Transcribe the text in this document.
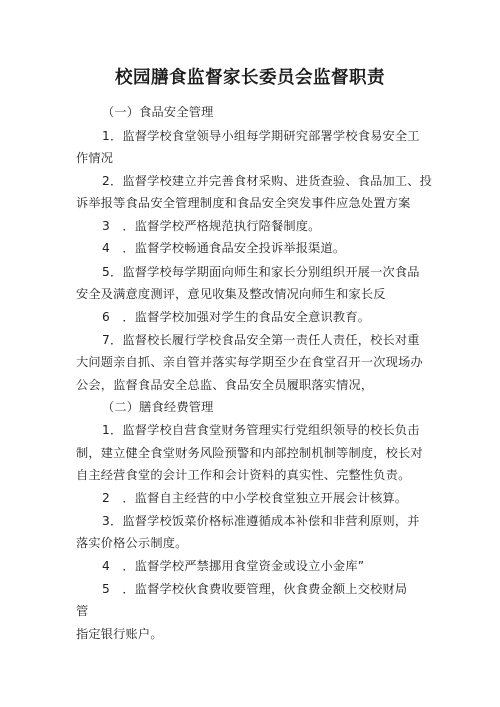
校园膳食监督家长委员会监督职责
（一）食品安全管理
1．监督学校食堂领导小组每学期研究部署学校食易安全工
作情况
2．监督学校建立并完善食材采购、进货查验、食品加工、投
诉举报等食品安全管理制度和食品安全突发事件应急处置方案
3　．监督学校严格规范执行陪餐制度。
4　．监督学校畅通食品安全投诉举报渠道。
5．监督学校每学期面向师生和家长分别组织开展一次食品
安全及满意度测评，意见收集及整改情况向师生和家长反
6　．监督学校加强对学生的食品安全意识教育。
7．监督校长履行学校食品安全第一责任人责任，校长对重
大问题亲自抓、亲自管并落实每学期至少在食堂召开一次现场办
公会，监督食品安全总监、食品安全员履职落实情况，
（二）膳食经费管理
1．监督学校自营食堂财务管理实行党组织领导的校长负击
制，建立健全食堂财务风险预警和内部控制机制等制度，校长对
自主经营食堂的会计工作和会计资料的真实性、完整性负责。
2　．监督自主经营的中小学校食堂独立开展会计核算。
3．监督学校饭菜价格标准遵循成本补偿和非营利原则，并
落实价格公示制度。
4　．监督学校严禁挪用食堂资金或设立小金库”
5　．监督学校伙食费收要管理，伙食费金额上交校财局
管
指定银行账户。
